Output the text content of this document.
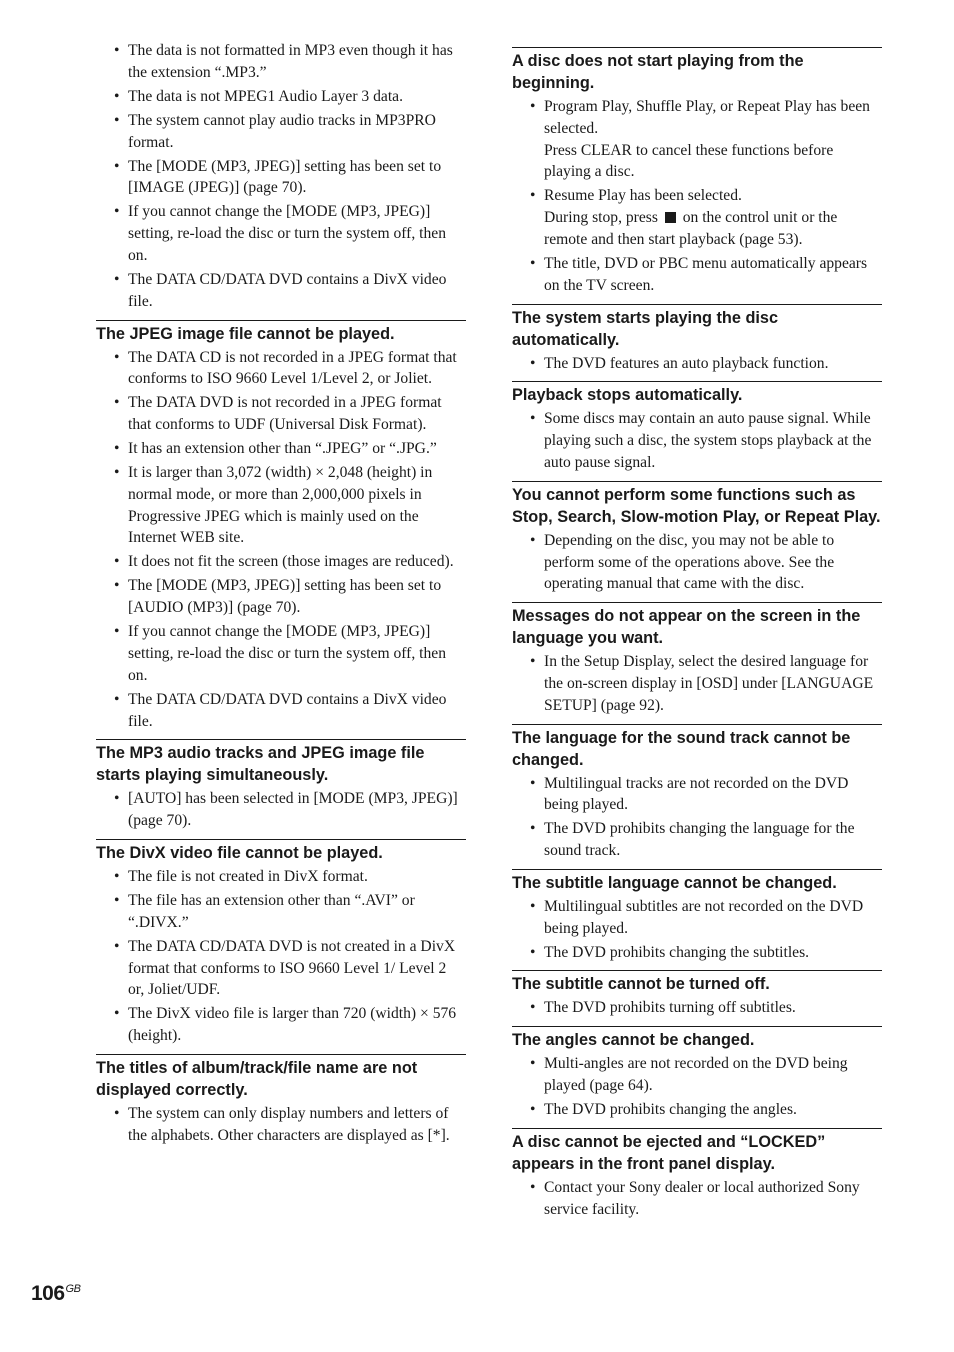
• The data is not formatted in MP3 even though it has the extension “.MP3.”
• The data is not MPEG1 Audio Layer 3 data.
• The system cannot play audio tracks in MP3PRO format.
• The [MODE (MP3, JPEG)] setting has been set to [IMAGE (JPEG)] (page 70).
• If you cannot change the [MODE (MP3, JPEG)] setting, re-load the disc or turn the system off, then on.
• The DATA CD/DATA DVD contains a DivX video file.
The JPEG image file cannot be played.
• The DATA CD is not recorded in a JPEG format that conforms to ISO 9660 Level 1/Level 2, or Joliet.
• The DATA DVD is not recorded in a JPEG format that conforms to UDF (Universal Disk Format).
• It has an extension other than “.JPEG” or “.JPG.”
• It is larger than 3,072 (width) × 2,048 (height) in normal mode, or more than 2,000,000 pixels in Progressive JPEG which is mainly used on the Internet WEB site.
• It does not fit the screen (those images are reduced).
• The [MODE (MP3, JPEG)] setting has been set to [AUDIO (MP3)] (page 70).
• If you cannot change the [MODE (MP3, JPEG)] setting, re-load the disc or turn the system off, then on.
• The DATA CD/DATA DVD contains a DivX video file.
The MP3 audio tracks and JPEG image file starts playing simultaneously.
• [AUTO] has been selected in [MODE (MP3, JPEG)] (page 70).
The DivX video file cannot be played.
• The file is not created in DivX format.
• The file has an extension other than “.AVI” or “.DIVX.”
• The DATA CD/DATA DVD is not created in a DivX format that conforms to ISO 9660 Level 1/ Level 2 or, Joliet/UDF.
• The DivX video file is larger than 720 (width) × 576 (height).
The titles of album/track/file name are not displayed correctly.
• The system can only display numbers and letters of the alphabets. Other characters are displayed as [*].
A disc does not start playing from the beginning.
• Program Play, Shuffle Play, or Repeat Play has been selected.
Press CLEAR to cancel these functions before playing a disc.
• Resume Play has been selected.
During stop, press on the control unit or the remote and then start playback (page 53).
• The title, DVD or PBC menu automatically appears on the TV screen.
The system starts playing the disc automatically.
• The DVD features an auto playback function.
Playback stops automatically.
• Some discs may contain an auto pause signal. While playing such a disc, the system stops playback at the auto pause signal.
You cannot perform some functions such as Stop, Search, Slow-motion Play, or Repeat Play.
• Depending on the disc, you may not be able to perform some of the operations above. See the operating manual that came with the disc.
Messages do not appear on the screen in the language you want.
• In the Setup Display, select the desired language for the on-screen display in [OSD] under [LANGUAGE SETUP] (page 92).
The language for the sound track cannot be changed.
• Multilingual tracks are not recorded on the DVD being played.
• The DVD prohibits changing the language for the sound track.
The subtitle language cannot be changed.
• Multilingual subtitles are not recorded on the DVD being played.
• The DVD prohibits changing the subtitles.
The subtitle cannot be turned off.
• The DVD prohibits turning off subtitles.
The angles cannot be changed.
• Multi-angles are not recorded on the DVD being played (page 64).
• The DVD prohibits changing the angles.
A disc cannot be ejected and “LOCKED” appears in the front panel display.
• Contact your Sony dealer or local authorized Sony service facility.
$106^{GB}$
